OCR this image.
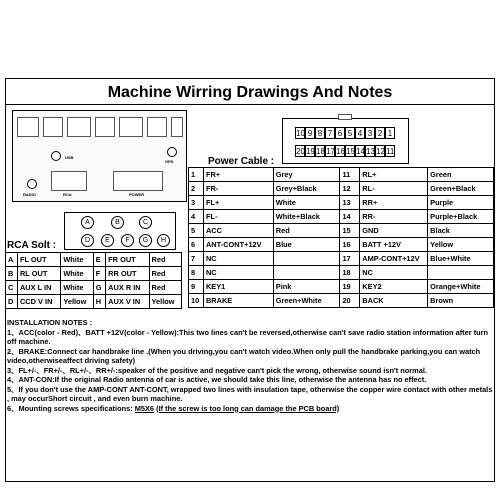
Machine Wirring Drawings And Notes
USB
GPS
RADIO	RCA	POWER
10 9 8 7 6 5 4 3 2 1
20 19 18 17 16 15 14 13 12 11
Power Cable :
A	B	C
D	E	F	G	H
RCA Solt :
A	FL OUT	White	E	FR OUT	Red
B	RL OUT	White	F	RR OUT	Red
C	AUX L IN	White	G	AUX R IN	Red
D	CCD V IN	Yellow	H	AUX V IN	Yellow
1	FR+	Grey	11	RL+	Green
2	FR-	Grey+Black	12	RL-	Green+Black
3	FL+	White	13	RR+	Purple
4	FL-	White+Black	14	RR-	Purple+Black
5	ACC	Red	15	GND	Black
6	ANT-CONT+12V	Blue	16	BATT +12V	Yellow
7	NC		17	AMP-CONT+12V	Blue+White
8	NC		18	NC	
9	KEY1	Pink	19	KEY2	Orange+White
10	BRAKE	Green+White	20	BACK	Brown
INSTALLATION NOTES :
1、ACC(color - Red)、BATT +12V(color - Yellow):This two lines can't be reversed,otherwise can't save radio station information after turn off machine.
2、BRAKE:Connect car handbrake line .(When you driving,you can't watch video.When only pull the handbrake parking,you can watch video,otherwiseaffect driving safety)
3、FL+/-、FR+/-、RL+/-、RR+/-:speaker of the positive and negative can't pick the wrong, otherwise sound isn't normal.
4、ANT-CON:If the original Radio antenna of car is active, we should take this line, otherwise the antenna has no effect.
5、If you don't use the AMP-CONT ANT-CONT, wrapped two lines with insulation tape, otherwise the copper wire contact with other metals , may occurShort circuit , and even burn machine.
6、Mounting screws specifications: M5X6 (If the screw is too long can damage the PCB board)
